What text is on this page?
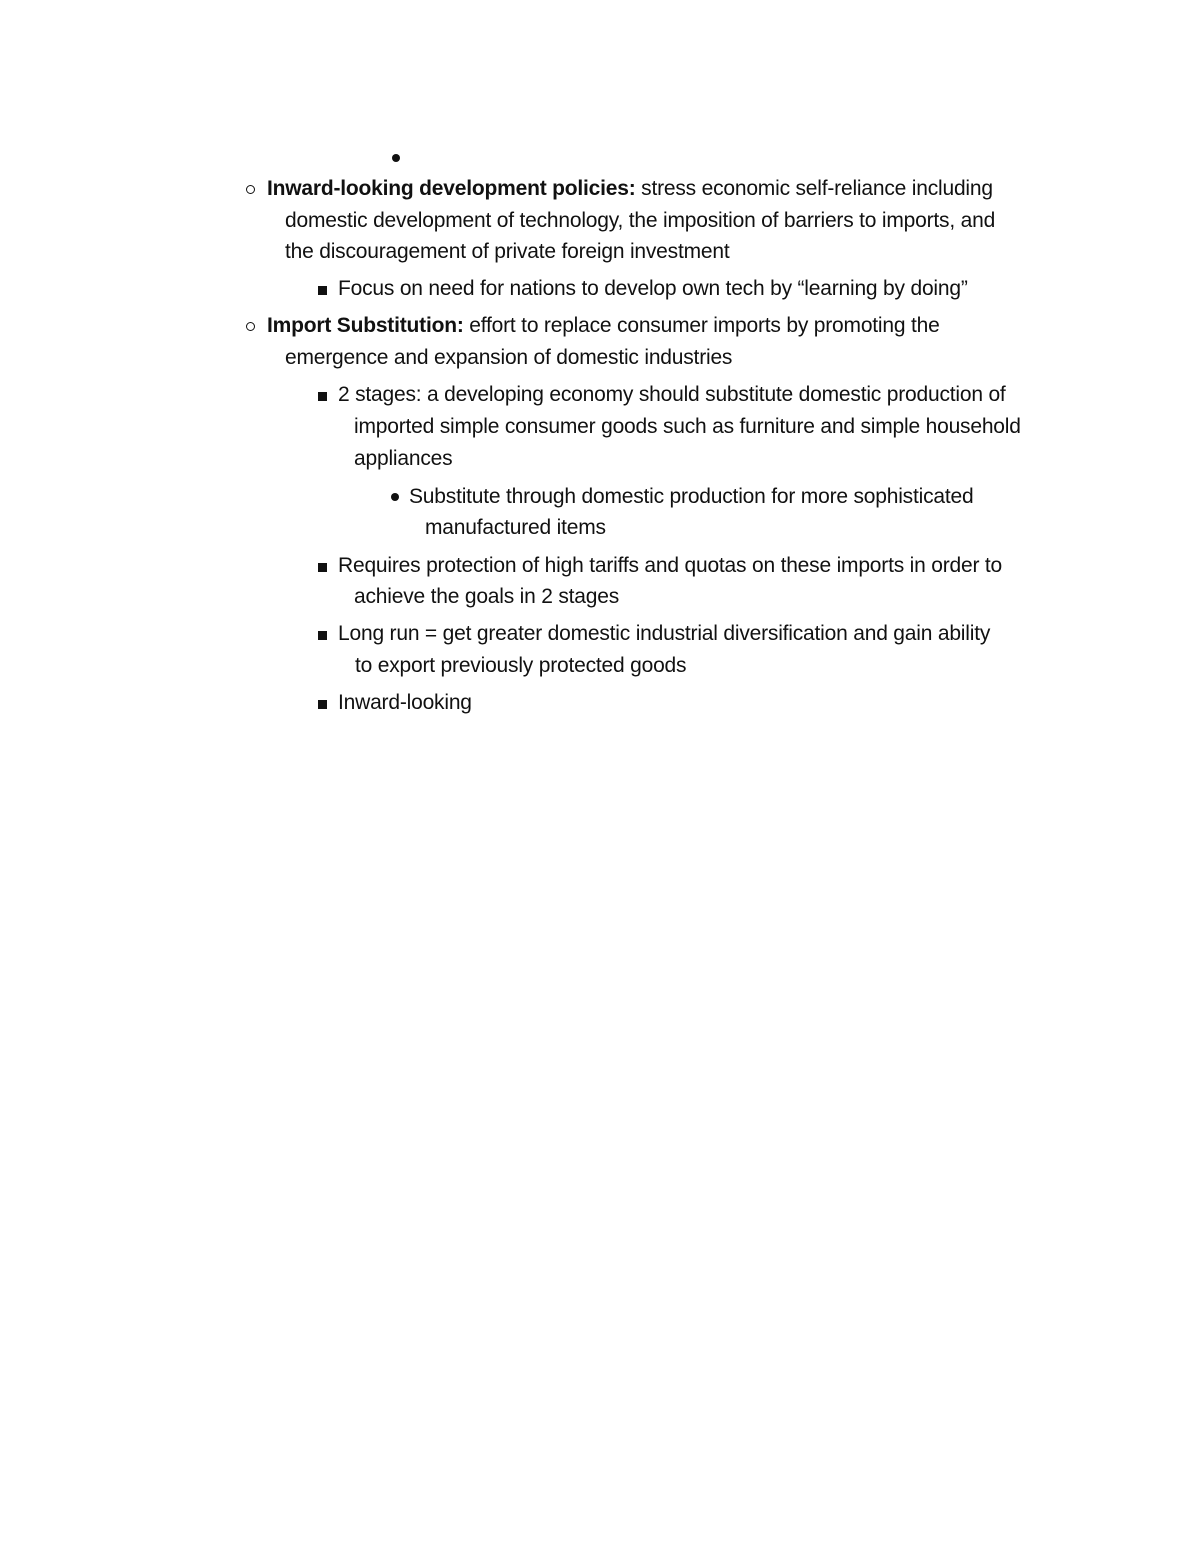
Inward-looking development policies: stress economic self-reliance including
domestic development of technology, the imposition of barriers to imports, and
the discouragement of private foreign investment
Focus on need for nations to develop own tech by “learning by doing”
Import Substitution: effort to replace consumer imports by promoting the
emergence and expansion of domestic industries
2 stages: a developing economy should substitute domestic production of
imported simple consumer goods such as furniture and simple household
appliances
Substitute through domestic production for more sophisticated
manufactured items
Requires protection of high tariffs and quotas on these imports in order to
achieve the goals in 2 stages
Long run = get greater domestic industrial diversification and gain ability
to export previously protected goods
Inward-looking
